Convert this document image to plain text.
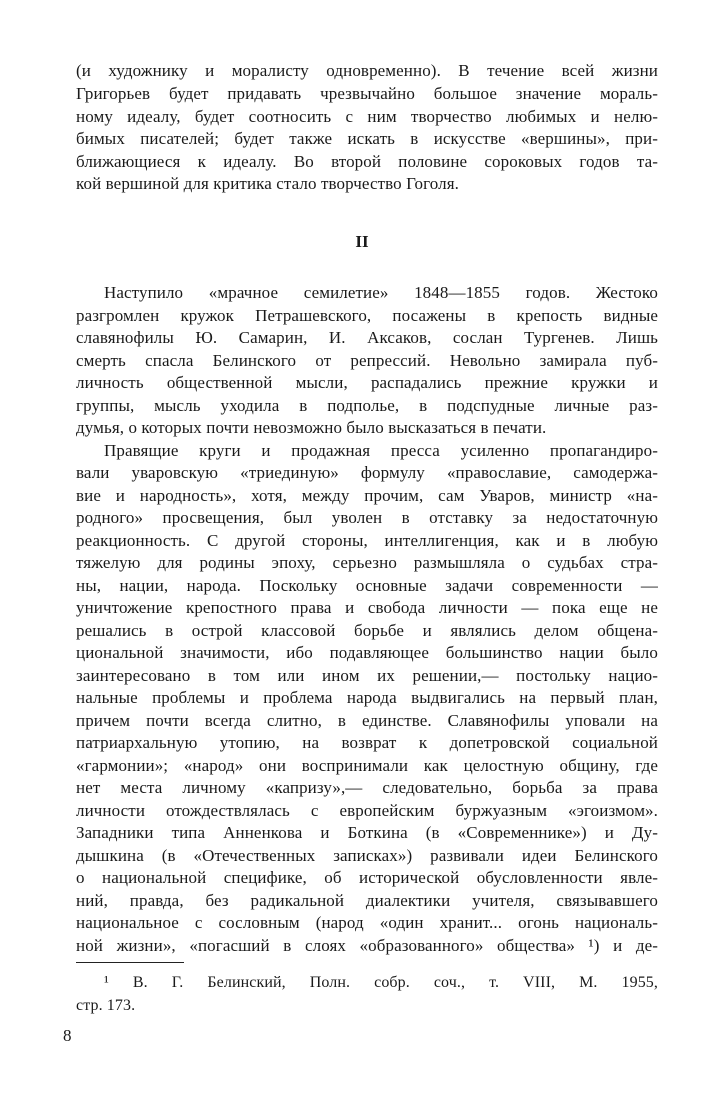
(и художнику и моралисту одновременно). В течение всей жизни
Григорьев будет придавать чрезвычайно большое значение мораль-
ному идеалу, будет соотносить с ним творчество любимых и нелю-
бимых писателей; будет также искать в искусстве «вершины», при-
ближающиеся к идеалу. Во второй половине сороковых годов та-
кой вершиной для критика стало творчество Гоголя.
II
Наступило «мрачное семилетие» 1848—1855 годов. Жестоко
разгромлен кружок Петрашевского, посажены в крепость видные
славянофилы Ю. Самарин, И. Аксаков, сослан Тургенев. Лишь
смерть спасла Белинского от репрессий. Невольно замирала пуб-
личность общественной мысли, распадались прежние кружки и
группы, мысль уходила в подполье, в подспудные личные раз-
думья, о которых почти невозможно было высказаться в печати.
Правящие круги и продажная пресса усиленно пропагандиро-
вали уваровскую «триединую» формулу «православие, самодержа-
вие и народность», хотя, между прочим, сам Уваров, министр «на-
родного» просвещения, был уволен в отставку за недостаточную
реакционность. С другой стороны, интеллигенция, как и в любую
тяжелую для родины эпоху, серьезно размышляла о судьбах стра-
ны, нации, народа. Поскольку основные задачи современности —
уничтожение крепостного права и свобода личности — пока еще не
решались в острой классовой борьбе и являлись делом общена-
циональной значимости, ибо подавляющее большинство нации было
заинтересовано в том или ином их решении,— постольку нацио-
нальные проблемы и проблема народа выдвигались на первый план,
причем почти всегда слитно, в единстве. Славянофилы уповали на
патриархальную утопию, на возврат к допетровской социальной
«гармонии»; «народ» они воспринимали как целостную общину, где
нет места личному «капризу»,— следовательно, борьба за права
личности отождествлялась с европейским буржуазным «эгоизмом».
Западники типа Анненкова и Боткина (в «Современнике») и Ду-
дышкина (в «Отечественных записках») развивали идеи Белинского
о национальной специфике, об исторической обусловленности явле-
ний, правда, без радикальной диалектики учителя, связывавшего
национальное с сословным (народ «один хранит... огонь националь-
ной жизни», «погасший в слоях «образованного» общества» ¹) и де-
¹ В. Г. Белинский, Полн. собр. соч., т. VIII, М. 1955,
стр. 173.
8
